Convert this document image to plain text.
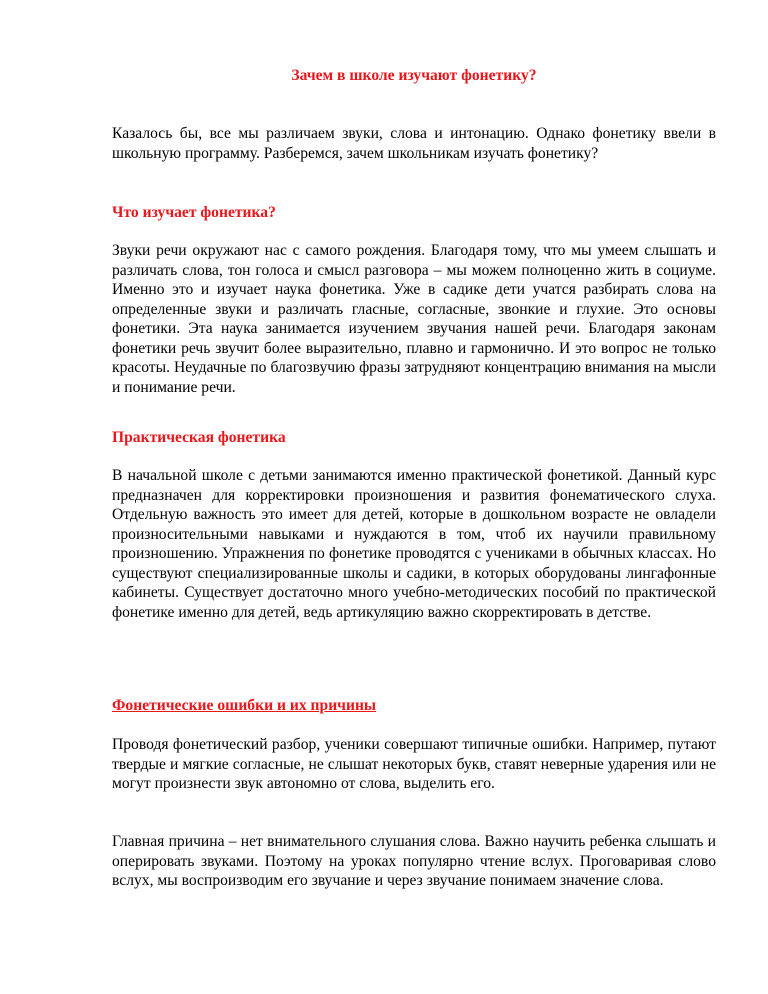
Зачем в школе изучают фонетику?

Казалось бы, все мы различаем звуки, слова и интонацию. Однако фонетику ввели в школьную программу. Разберемся, зачем школьникам изучать фонетику?

Что изучает фонетика?

Звуки речи окружают нас с самого рождения. Благодаря тому, что мы умеем слышать и различать слова, тон голоса и смысл разговора – мы можем полноценно жить в социуме. Именно это и изучает наука фонетика. Уже в садике дети учатся разбирать слова на определенные звуки и различать гласные, согласные, звонкие и глухие. Это основы фонетики. Эта наука занимается изучением звучания нашей речи. Благодаря законам фонетики речь звучит более выразительно, плавно и гармонично. И это вопрос не только красоты. Неудачные по благозвучию фразы затрудняют концентрацию внимания на мысли и понимание речи.

Практическая фонетика

В начальной школе с детьми занимаются именно практической фонетикой. Данный курс предназначен для корректировки произношения и развития фонематического слуха. Отдельную важность это имеет для детей, которые в дошкольном возрасте не овладели произносительными навыками и нуждаются в том, чтоб их научили правильному произношению. Упражнения по фонетике проводятся с учениками в обычных классах. Но существуют специализированные школы и садики, в которых оборудованы лингафонные кабинеты. Существует достаточно много учебно-методических пособий по практической фонетике именно для детей, ведь артикуляцию важно скорректировать в детстве.

Фонетические ошибки и их причины

Проводя фонетический разбор, ученики совершают типичные ошибки. Например, путают твердые и мягкие согласные, не слышат некоторых букв, ставят неверные ударения или не могут произнести звук автономно от слова, выделить его.

Главная причина – нет внимательного слушания слова. Важно научить ребенка слышать и оперировать звуками. Поэтому на уроках популярно чтение вслух. Проговаривая слово вслух, мы воспроизводим его звучание и через звучание понимаем значение слова.
